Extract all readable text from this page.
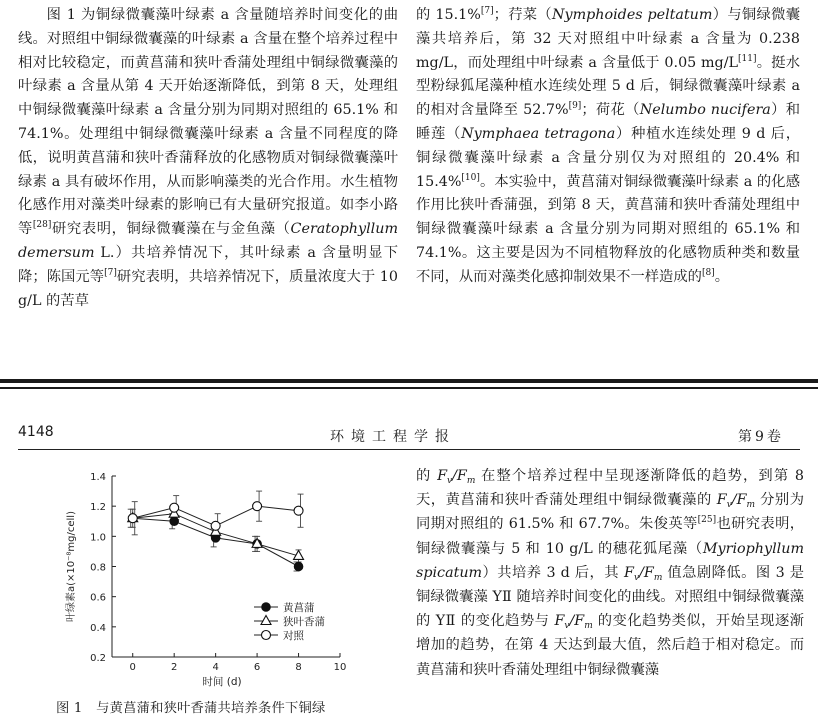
图 1 为铜绿微囊藻叶绿素 a 含量随培养时间变化的曲线。对照组中铜绿微囊藻的叶绿素 a 含量在整个培养过程中相对比较稳定，而黄菖蒲和狭叶香蒲处理组中铜绿微囊藻的叶绿素 a 含量从第 4 天开始逐渐降低，到第 8 天，处理组中铜绿微囊藻叶绿素 a 含量分别为同期对照组的 65.1% 和 74.1%。处理组中铜绿微囊藻叶绿素 a 含量不同程度的降低，说明黄菖蒲和狭叶香蒲释放的化感物质对铜绿微囊藻叶绿素 a 具有破坏作用，从而影响藻类的光合作用。水生植物化感作用对藻类叶绿素的影响已有大量研究报道。如李小路等[28]研究表明，铜绿微囊藻在与金鱼藻（Ceratophyllum demersum L.）共培养情况下，其叶绿素 a 含量明显下降；陈国元等[7]研究表明，共培养情况下，质量浓度大于 10 g/L 的苦草

的 15.1%[7]；荇菜（Nymphoides peltatum）与铜绿微囊藻共培养后，第 32 天对照组中叶绿素 a 含量为 0.238 mg/L，而处理组中叶绿素 a 含量低于 0.05 mg/L[11]。挺水型粉绿狐尾藻种植水连续处理 5 d 后，铜绿微囊藻叶绿素 a 的相对含量降至 52.7%[9]；荷花（Nelumbo nucifera）和睡莲（Nymphaea tetragona）种植水连续处理 9 d 后，铜绿微囊藻叶绿素 a 含量分别仅为对照组的 20.4% 和 15.4%[10]。本实验中，黄菖蒲对铜绿微囊藻叶绿素 a 的化感作用比狭叶香蒲强，到第 8 天，黄菖蒲和狭叶香蒲处理组中铜绿微囊藻叶绿素 a 含量分别为同期对照组的 65.1% 和 74.1%。这主要是因为不同植物释放的化感物质种类和数量不同，从而对藻类化感抑制效果不一样造成的[8]。

4148	环境工程学报	第9卷
0.2
0.4
0.6
0.8
1.0
1.2
1.4
0	2	4	6	8	10
时间 (d)
叶绿素a(×10⁻⁸mg/cell)	黄菖蒲
狭叶香蒲
对照
图 1　与黄菖蒲和狭叶香蒲共培养条件下铜绿

的 $F_v/F_m$ 在整个培养过程中呈现逐渐降低的趋势，到第 8 天，黄菖蒲和狭叶香蒲处理组中铜绿微囊藻的 $F_v/F_m$ 分别为同期对照组的 61.5% 和 67.7%。朱俊英等[25]也研究表明，铜绿微囊藻与 5 和 10 g/L 的穗花狐尾藻（Myriophyllum spicatum）共培养 3 d 后，其 $F_v/F_m$ 值急剧降低。图 3 是铜绿微囊藻 YⅡ 随培养时间变化的曲线。对照组中铜绿微囊藻的 YⅡ 的变化趋势与 $F_v/F_m$ 的变化趋势类似，开始呈现逐渐增加的趋势，在第 4 天达到最大值，然后趋于相对稳定。而黄菖蒲和狭叶香蒲处理组中铜绿微囊藻
